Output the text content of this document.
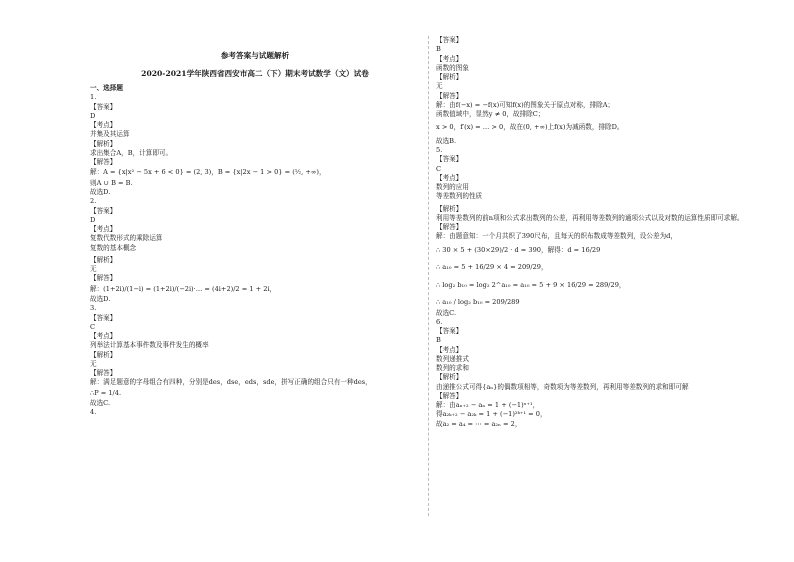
参考答案与试题解析
2020-2021学年陕西省西安市高二（下）期末考试数学（文）试卷
一、选择题
1.
【答案】
D
【考点】
并集及其运算
【解析】
求出集合A，B，计算即可。
【解答】
解：A = {x|x² − 5x + 6 < 0} = (2, 3)，B = {x|2x − 1 > 0} = (½, +∞)，
则A ∪ B = B.
故选D.
2.
【答案】
D
【考点】
复数代数形式的乘除运算
复数的基本概念
【解析】
无
【解答】
解：(1+2i)/(1−i) = (1+2i)/(−2i)·… = (4i+2)/2 = 1 + 2i，
故选D.
3.
【答案】
C
【考点】
列举法计算基本事件数及事件发生的概率
【解析】
无
【解答】
解：满足题意的字母组合有四种，分别是des，dse，eds，sde，拼写正确的组合只有一种des，
∴P = 1/4.
故选C.
4.
【答案】
B
【考点】
函数的图象
【解析】
无
【解答】
解：由f(−x) = −f(x)可知f(x)的图象关于原点对称，排除A；
函数值域中，显然y ≠ 0，故排除C；
x > 0，f′(x) = … > 0，故在(0, +∞)上f(x)为减函数，排除D。
故选B.
5.
【答案】
C
【考点】
数列的应用
等差数列的性质
【解析】
利用等差数列的前n项和公式求出数列的公差，再利用等差数列的通项公式以及对数的运算性质即可求解。
【解答】
解：由题意知：一个月共织了390尺布，且每天的织布数成等差数列，设公差为d，
∴ 30 × 5 + (30×29)/2 · d = 390，解得：d = 16/29
∴ a₁₀ = 5 + 16/29 × 4 = 209/29，
∴ log₂ b₁₀ = log₂ 2^a₁₀ = a₁₀ = 5 + 9 × 16/29 = 289/29，
∴ a₁₀ / log₂ b₁₀ = 209/289
故选C.
6.
【答案】
B
【考点】
数列递推式
数列的求和
【解析】
由递推公式可得{aₙ}的偶数项相等，奇数项为等差数列，再利用等差数列的求和即可解
【解答】
解：由aₙ₊₂ − aₙ = 1 + (−1)ⁿ⁺¹，
得a₂ₖ₊₂ − a₂ₖ = 1 + (−1)²ᵏ⁺¹ = 0，
故a₂ = a₄ = ⋯ = a₂ₙ = 2，
